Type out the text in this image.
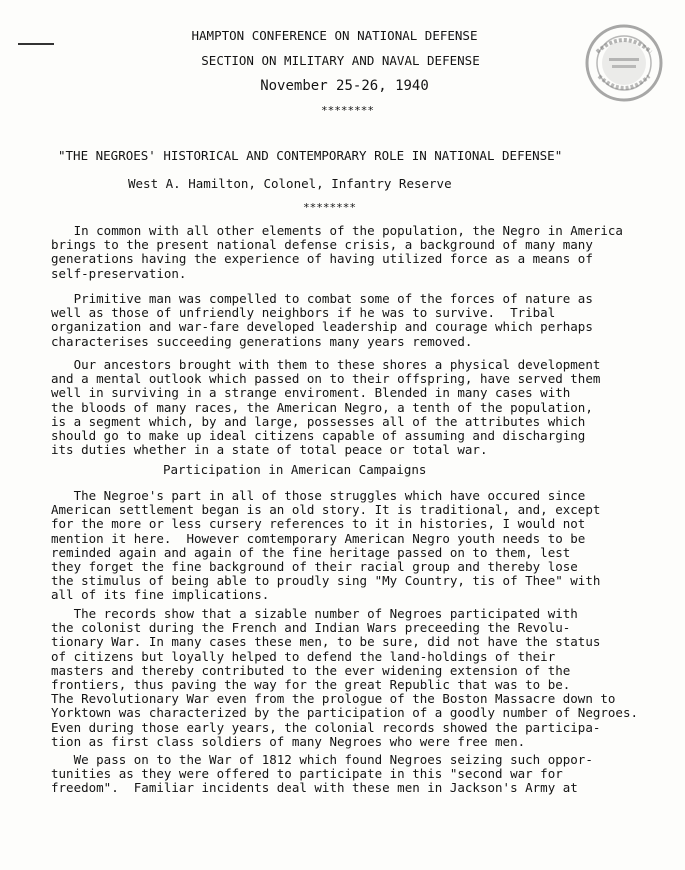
HAMPTON CONFERENCE ON NATIONAL DEFENSE
SECTION ON MILITARY AND NAVAL DEFENSE
November 25-26, 1940
********
"THE NEGROES' HISTORICAL AND CONTEMPORARY ROLE IN NATIONAL DEFENSE"
West A. Hamilton, Colonel, Infantry Reserve
********
In common with all other elements of the population, the Negro in America
brings to the present national defense crisis, a background of many many
generations having the experience of having utilized force as a means of
self-preservation.
Primitive man was compelled to combat some of the forces of nature as
well as those of unfriendly neighbors if he was to survive.  Tribal
organization and war-fare developed leadership and courage which perhaps
characterises succeeding generations many years removed.
Our ancestors brought with them to these shores a physical development
and a mental outlook which passed on to their offspring, have served them
well in surviving in a strange enviroment. Blended in many cases with
the bloods of many races, the American Negro, a tenth of the population,
is a segment which, by and large, possesses all of the attributes which
should go to make up ideal citizens capable of assuming and discharging
its duties whether in a state of total peace or total war.
Participation in American Campaigns
The Negroe's part in all of those struggles which have occured since
American settlement began is an old story. It is traditional, and, except
for the more or less cursery references to it in histories, I would not
mention it here.  However comtemporary American Negro youth needs to be
reminded again and again of the fine heritage passed on to them, lest
they forget the fine background of their racial group and thereby lose
the stimulus of being able to proudly sing "My Country, tis of Thee" with
all of its fine implications.
The records show that a sizable number of Negroes participated with
the colonist during the French and Indian Wars preceeding the Revolu-
tionary War. In many cases these men, to be sure, did not have the status
of citizens but loyally helped to defend the land-holdings of their
masters and thereby contributed to the ever widening extension of the
frontiers, thus paving the way for the great Republic that was to be.
The Revolutionary War even from the prologue of the Boston Massacre down to
Yorktown was characterized by the participation of a goodly number of Negroes.
Even during those early years, the colonial records showed the participa-
tion as first class soldiers of many Negroes who were free men.
We pass on to the War of 1812 which found Negroes seizing such oppor-
tunities as they were offered to participate in this "second war for
freedom".  Familiar incidents deal with these men in Jackson's Army at
